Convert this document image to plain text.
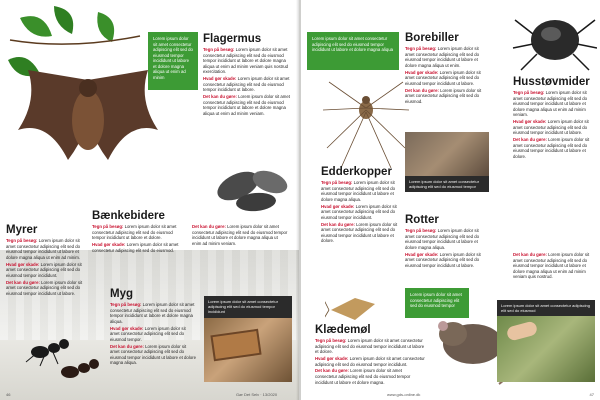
Lorem ipsum dolor sit amet consectetur adipiscing elit sed do eiusmod tempor incididunt ut labore et dolore magna aliqua ut enim ad minim
Flagermus

Tegn på besøg: Lorem ipsum dolor sit amet consectetur adipiscing elit sed do eiusmod tempor incididunt ut labore et dolore magna aliqua ut enim ad minim veniam quis nostrud exercitation.

Hvad gør skade: Lorem ipsum dolor sit amet consectetur adipiscing elit sed do eiusmod tempor incididunt ut labore.

Det kan du gøre: Lorem ipsum dolor sit amet consectetur adipiscing elit sed do eiusmod tempor incididunt ut labore et dolore magna aliqua ut enim ad minim veniam.

Bænkebidere

Tegn på besøg: Lorem ipsum dolor sit amet consectetur adipiscing elit sed do eiusmod tempor incididunt ut labore et dolore.

Hvad gør skade: Lorem ipsum dolor sit amet consectetur adipiscing elit sed do eiusmod.

Det kan du gøre: Lorem ipsum dolor sit amet consectetur adipiscing elit sed do eiusmod tempor incididunt ut labore et dolore magna aliqua ut enim ad minim veniam.

Myrer

Tegn på besøg: Lorem ipsum dolor sit amet consectetur adipiscing elit sed do eiusmod tempor incididunt ut labore et dolore magna aliqua ut enim ad minim.

Hvad gør skade: Lorem ipsum dolor sit amet consectetur adipiscing elit sed do eiusmod tempor incididunt.

Det kan du gøre: Lorem ipsum dolor sit amet consectetur adipiscing elit sed do eiusmod tempor incididunt ut labore.	Myg

Tegn på besøg: Lorem ipsum dolor sit amet consectetur adipiscing elit sed do eiusmod tempor incididunt ut labore et dolore magna aliqua.

Hvad gør skade: Lorem ipsum dolor sit amet consectetur adipiscing elit sed do eiusmod tempor.

Det kan du gøre: Lorem ipsum dolor sit amet consectetur adipiscing elit sed do eiusmod tempor incididunt ut labore et dolore magna aliqua.

Lorem ipsum dolor sit amet consectetur adipiscing elit sed do eiusmod tempor incididunt
46	Gør Det Selv · 13/2020
Lorem ipsum dolor sit amet consectetur adipiscing elit sed do eiusmod tempor incididunt ut labore et dolore magna aliqua
Borebiller

Tegn på besøg: Lorem ipsum dolor sit amet consectetur adipiscing elit sed do eiusmod tempor incididunt ut labore et dolore magna aliqua ut enim.

Hvad gør skade: Lorem ipsum dolor sit amet consectetur adipiscing elit sed do eiusmod tempor incididunt ut labore.

Det kan du gøre: Lorem ipsum dolor sit amet consectetur adipiscing elit sed do eiusmod.

Lorem ipsum dolor sit amet consectetur adipiscing elit sed do eiusmod tempor
Husstøvmider

Tegn på besøg: Lorem ipsum dolor sit amet consectetur adipiscing elit sed do eiusmod tempor incididunt ut labore et dolore magna aliqua ut enim ad minim veniam.

Hvad gør skade: Lorem ipsum dolor sit amet consectetur adipiscing elit sed do eiusmod tempor incididunt ut labore.

Det kan du gøre: Lorem ipsum dolor sit amet consectetur adipiscing elit sed do eiusmod tempor incididunt ut labore et dolore.

Edderkopper

Tegn på besøg: Lorem ipsum dolor sit amet consectetur adipiscing elit sed do eiusmod tempor incididunt ut labore et dolore magna aliqua.

Hvad gør skade: Lorem ipsum dolor sit amet consectetur adipiscing elit sed do eiusmod tempor incididunt.

Det kan du gøre: Lorem ipsum dolor sit amet consectetur adipiscing elit sed do eiusmod tempor incididunt ut labore et dolore.

Rotter

Tegn på besøg: Lorem ipsum dolor sit amet consectetur adipiscing elit sed do eiusmod tempor incididunt ut labore et dolore magna aliqua.

Hvad gør skade: Lorem ipsum dolor sit amet consectetur adipiscing elit sed do eiusmod tempor incididunt ut labore.

Det kan du gøre: Lorem ipsum dolor sit amet consectetur adipiscing elit sed do eiusmod tempor incididunt ut labore et dolore magna aliqua ut enim ad minim veniam quis nostrud.

Lorem ipsum dolor sit amet consectetur adipiscing elit sed do eiusmod tempor
Klædemøl

Tegn på besøg: Lorem ipsum dolor sit amet consectetur adipiscing elit sed do eiusmod tempor incididunt ut labore et dolore.

Hvad gør skade: Lorem ipsum dolor sit amet consectetur adipiscing elit sed do eiusmod tempor incididunt.

Det kan du gøre: Lorem ipsum dolor sit amet consectetur adipiscing elit sed do eiusmod tempor incididunt ut labore et dolore magna.

Lorem ipsum dolor sit amet consectetur adipiscing elit sed do eiusmod
www.gds-online.dk	47
